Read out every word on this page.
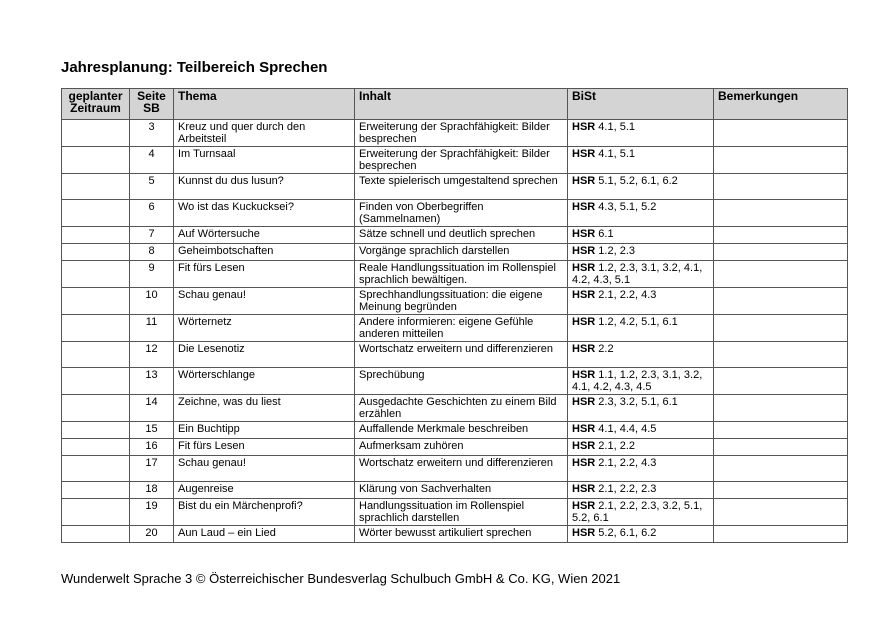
Jahresplanung: Teilbereich Sprechen
geplanter Zeitraum	Seite SB	Thema	Inhalt	BiSt	Bemerkungen
	3	Kreuz und quer durch den Arbeitsteil	Erweiterung der Sprachfähigkeit: Bilder besprechen	HSR 4.1, 5.1	
	4	Im Turnsaal	Erweiterung der Sprachfähigkeit: Bilder besprechen	HSR 4.1, 5.1	
	5	Kunnst du dus lusun?	Texte spielerisch umgestaltend sprechen	HSR 5.1, 5.2, 6.1, 6.2	
	6	Wo ist das Kuckucksei?	Finden von Oberbegriffen (Sammelnamen)	HSR 4.3, 5.1, 5.2	
	7	Auf Wörtersuche	Sätze schnell und deutlich sprechen	HSR 6.1	
	8	Geheimbotschaften	Vorgänge sprachlich darstellen	HSR 1.2, 2.3	
	9	Fit fürs Lesen	Reale Handlungssituation im Rollenspiel sprachlich bewältigen.	HSR 1.2, 2.3, 3.1, 3.2, 4.1, 4.2, 4.3, 5.1	
	10	Schau genau!	Sprechhandlungssituation: die eigene Meinung begründen	HSR 2.1, 2.2, 4.3	
	11	Wörternetz	Andere informieren: eigene Gefühle anderen mitteilen	HSR 1.2, 4.2, 5.1, 6.1	
	12	Die Lesenotiz	Wortschatz erweitern und differenzieren	HSR 2.2	
	13	Wörterschlange	Sprechübung	HSR 1.1, 1.2, 2.3, 3.1, 3.2, 4.1, 4.2, 4.3, 4.5	
	14	Zeichne, was du liest	Ausgedachte Geschichten zu einem Bild erzählen	HSR 2.3, 3.2, 5.1, 6.1	
	15	Ein Buchtipp	Auffallende Merkmale beschreiben	HSR 4.1, 4.4, 4.5	
	16	Fit fürs Lesen	Aufmerksam zuhören	HSR 2.1, 2.2	
	17	Schau genau!	Wortschatz erweitern und differenzieren	HSR 2.1, 2.2, 4.3	
	18	Augenreise	Klärung von Sachverhalten	HSR 2.1, 2.2, 2.3	
	19	Bist du ein Märchenprofi?	Handlungssituation im Rollenspiel sprachlich darstellen	HSR 2.1, 2.2, 2.3, 3.2, 5.1, 5.2, 6.1	
	20	Aun Laud – ein Lied	Wörter bewusst artikuliert sprechen	HSR 5.2, 6.1, 6.2	
Wunderwelt Sprache 3 © Österreichischer Bundesverlag Schulbuch GmbH & Co. KG, Wien 2021
